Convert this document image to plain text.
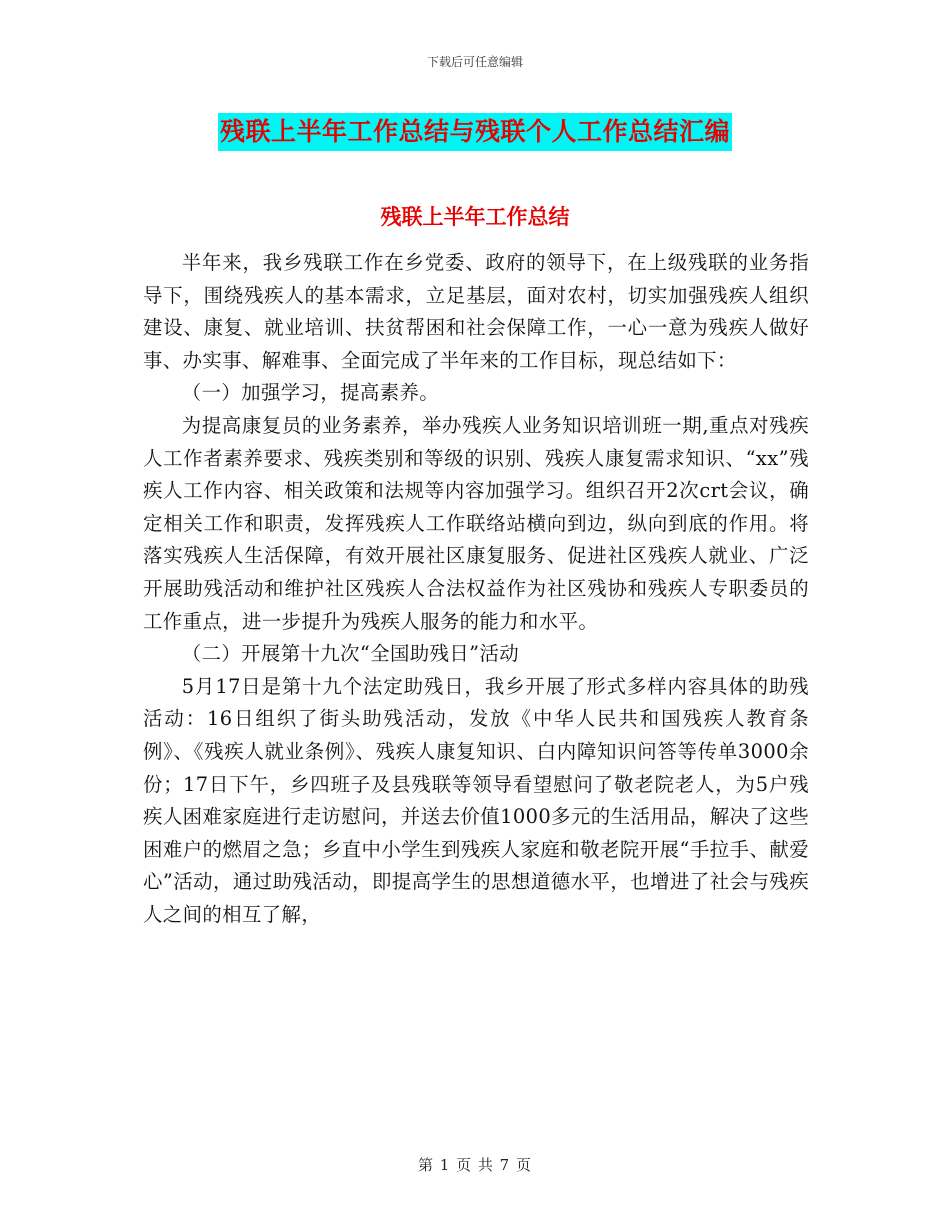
下载后可任意编辑
残联上半年工作总结与残联个人工作总结汇编
残联上半年工作总结

半年来，我乡残联工作在乡党委、政府的领导下，在上级残联的业务指导下，围绕残疾人的基本需求，立足基层，面对农村，切实加强残疾人组织建设、康复、就业培训、扶贫帮困和社会保障工作，一心一意为残疾人做好事、办实事、解难事、全面完成了半年来的工作目标，现总结如下：

（一）加强学习，提高素养。

为提高康复员的业务素养，举办残疾人业务知识培训班一期,重点对残疾人工作者素养要求、残疾类别和等级的识别、残疾人康复需求知识、“xx”残疾人工作内容、相关政策和法规等内容加强学习。组织召开2次crt会议，确定相关工作和职责，发挥残疾人工作联络站横向到边，纵向到底的作用。将落实残疾人生活保障，有效开展社区康复服务、促进社区残疾人就业、广泛开展助残活动和维护社区残疾人合法权益作为社区残协和残疾人专职委员的工作重点，进一步提升为残疾人服务的能力和水平。

（二）开展第十九次“全国助残日”活动

5月17日是第十九个法定助残日，我乡开展了形式多样内容具体的助残活动：16日组织了街头助残活动，发放《中华人民共和国残疾人教育条例》、《残疾人就业条例》、残疾人康复知识、白内障知识问答等传单3000余份；17日下午，乡四班子及县残联等领导看望慰问了敬老院老人，为5户残疾人困难家庭进行走访慰问，并送去价值1000多元的生活用品，解决了这些困难户的燃眉之急；乡直中小学生到残疾人家庭和敬老院开展“手拉手、献爱心”活动，通过助残活动，即提高学生的思想道德水平，也增进了社会与残疾人之间的相互了解，

第 1 页 共 7 页
